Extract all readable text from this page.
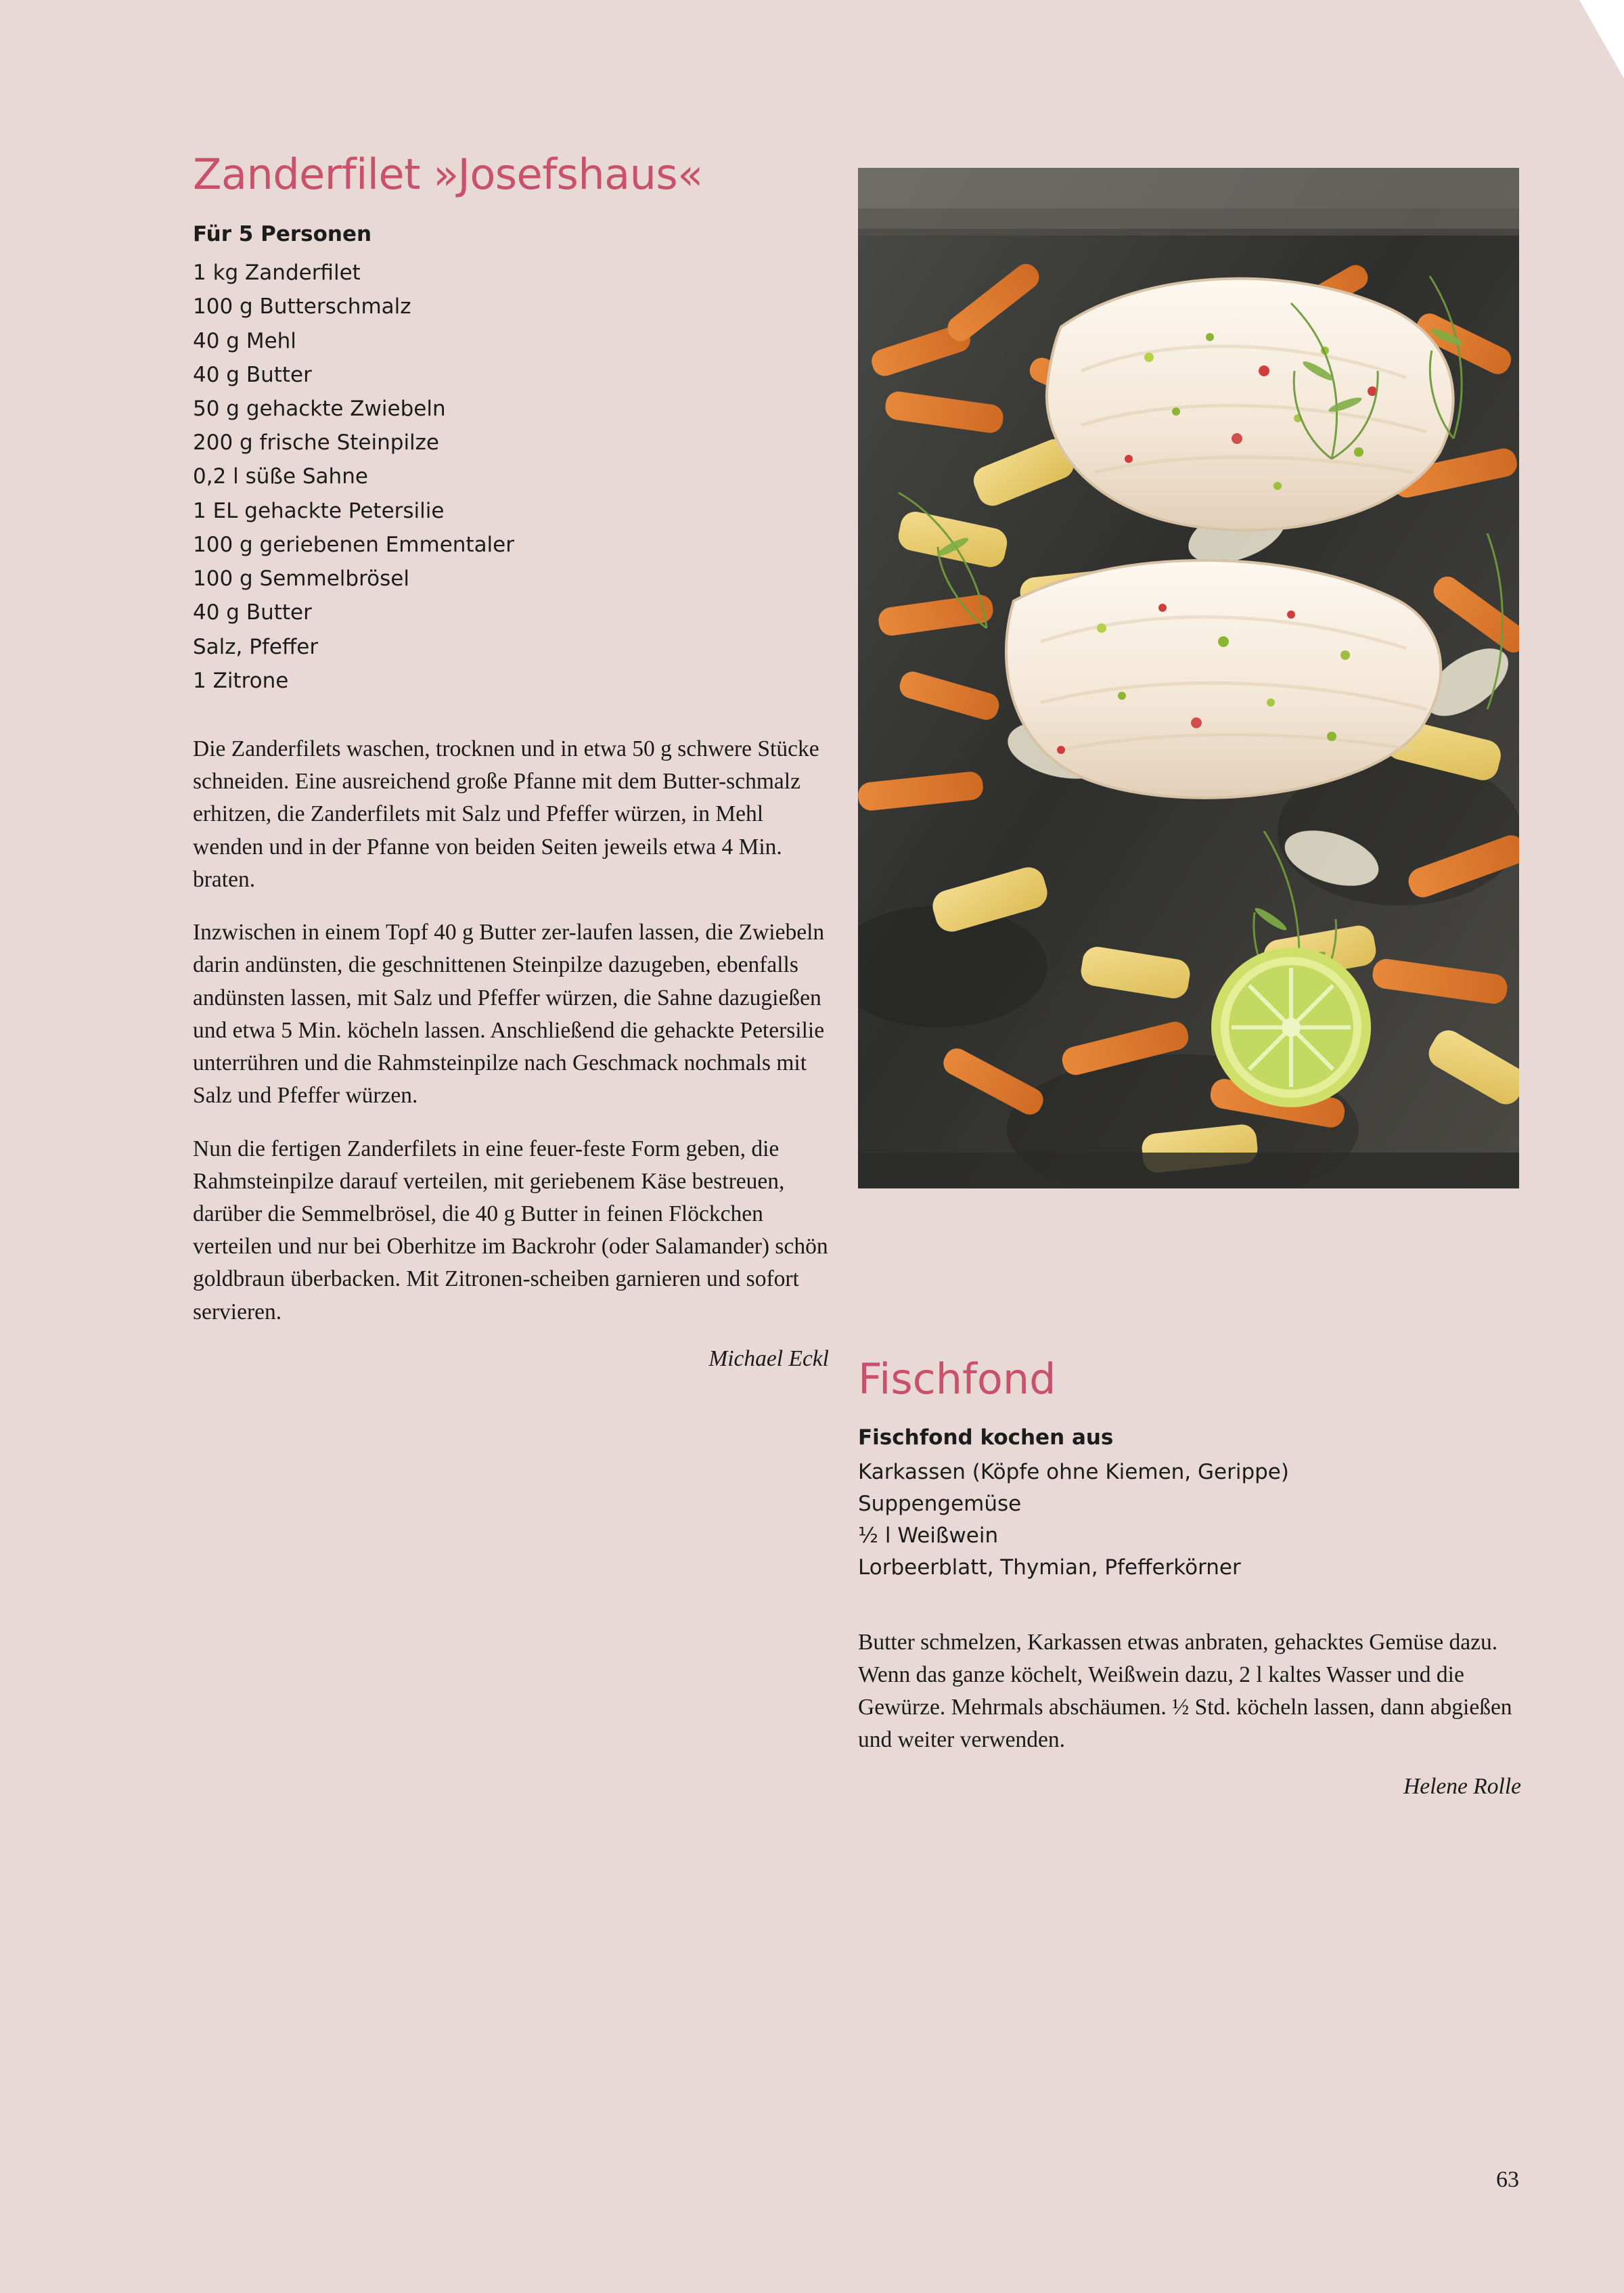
Zanderfilet »Josefshaus«
Für 5 Personen
1 kg Zanderfilet
100 g Butterschmalz
40 g Mehl
40 g Butter
50 g gehackte Zwiebeln
200 g frische Steinpilze
0,2 l süße Sahne
1 EL gehackte Petersilie
100 g geriebenen Emmentaler
100 g Semmelbrösel
40 g Butter
Salz, Pfeffer
1 Zitrone

Die Zanderfilets waschen, trocknen und in etwa 50 g schwere Stücke schneiden. Eine ausreichend große Pfanne mit dem Butter-schmalz erhitzen, die Zanderfilets mit Salz und Pfeffer würzen, in Mehl wenden und in der Pfanne von beiden Seiten jeweils etwa 4 Min. braten.

Inzwischen in einem Topf 40 g Butter zer-laufen lassen, die Zwiebeln darin andünsten, die geschnittenen Steinpilze dazugeben, ebenfalls andünsten lassen, mit Salz und Pfeffer würzen, die Sahne dazugießen und etwa 5 Min. köcheln lassen. Anschließend die gehackte Petersilie unterrühren und die Rahmsteinpilze nach Geschmack nochmals mit Salz und Pfeffer würzen.

Nun die fertigen Zanderfilets in eine feuer-feste Form geben, die Rahmsteinpilze darauf verteilen, mit geriebenem Käse bestreuen, darüber die Semmelbrösel, die 40 g Butter in feinen Flöckchen verteilen und nur bei Oberhitze im Backrohr (oder Salamander) schön goldbraun überbacken. Mit Zitronen-scheiben garnieren und sofort servieren.

Michael Eckl Fischfond
Fischfond kochen aus
Karkassen (Köpfe ohne Kiemen, Gerippe)
Suppengemüse
½ l Weißwein
Lorbeerblatt, Thymian, Pfefferkörner

Butter schmelzen, Karkassen etwas anbraten, gehacktes Gemüse dazu. Wenn das ganze köchelt, Weißwein dazu, 2 l kaltes Wasser und die Gewürze. Mehrmals abschäumen. ½ Std. köcheln lassen, dann abgießen und weiter verwenden.

Helene Rolle

63
